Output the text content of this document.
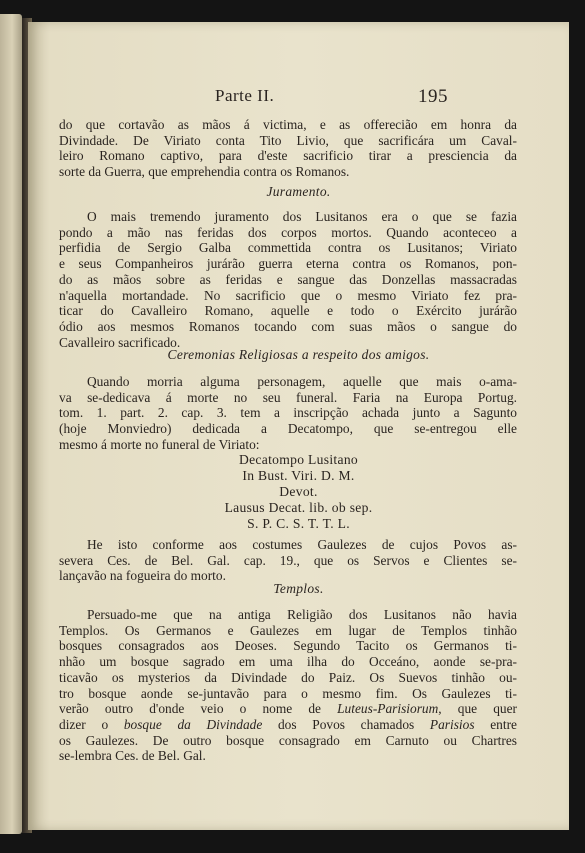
Parte II.	195
do que cortavão as mãos á victima, e as offerecião em honra da
Divindade. De Viriato conta Tito Livio, que sacrificára um Caval-
leiro Romano captivo, para d'este sacrificio tirar a presciencia da
sorte da Guerra, que emprehendia contra os Romanos.
Juramento.
O mais tremendo juramento dos Lusitanos era o que se fazia
pondo a mão nas feridas dos corpos mortos. Quando aconteceo a
perfidia de Sergio Galba commettida contra os Lusitanos; Viriato
e seus Companheiros jurárão guerra eterna contra os Romanos, pon-
do as mãos sobre as feridas e sangue das Donzellas massacradas
n'aquella mortandade. No sacrificio que o mesmo Viriato fez pra-
ticar do Cavalleiro Romano, aquelle e todo o Exército jurárão
ódio aos mesmos Romanos tocando com suas mãos o sangue do
Cavalleiro sacrificado.
Ceremonias Religiosas a respeito dos amigos.
Quando morria alguma personagem, aquelle que mais o-ama-
va se-dedicava á morte no seu funeral. Faria na Europa Portug.
tom. 1. part. 2. cap. 3. tem a inscripção achada junto a Sagunto
(hoje Monviedro) dedicada a Decatompo, que se-entregou elle
mesmo á morte no funeral de Viriato:
Decatompo Lusitano
In Bust. Viri. D. M.
Devot.
Lausus Decat. lib. ob sep.
S. P. C. S. T. T. L.
He isto conforme aos costumes Gaulezes de cujos Povos as-
severa Ces. de Bel. Gal. cap. 19., que os Servos e Clientes se-
lançavão na fogueira do morto.
Templos.
Persuado-me que na antiga Religião dos Lusitanos não havia
Templos. Os Germanos e Gaulezes em lugar de Templos tinhão
bosques consagrados aos Deoses. Segundo Tacito os Germanos ti-
nhão um bosque sagrado em uma ilha do Occeáno, aonde se-pra-
ticavão os mysterios da Divindade do Paiz. Os Suevos tinhão ou-
tro bosque aonde se-juntavão para o mesmo fim. Os Gaulezes ti-
verão outro d'onde veio o nome de Luteus-Parisiorum, que quer
dizer o bosque da Divindade dos Povos chamados Parisios entre
os Gaulezes. De outro bosque consagrado em Carnuto ou Chartres
se-lembra Ces. de Bel. Gal.
